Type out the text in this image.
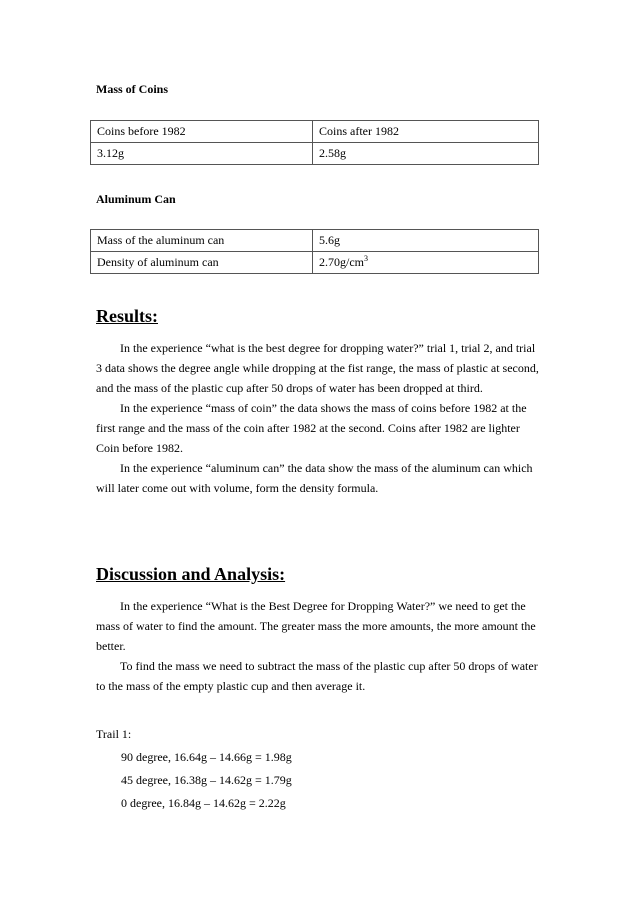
Mass of Coins
Coins before 1982	Coins after 1982
3.12g	2.58g
Aluminum Can
Mass of the aluminum can	5.6g
Density of aluminum can	$2.70g/cm^3$
Results:

In the experience “what is the best degree for dropping water?” trial 1, trial 2, and trial 3 data shows the degree angle while dropping at the fist range, the mass of plastic at second, and the mass of the plastic cup after 50 drops of water has been dropped at third.

In the experience “mass of coin” the data shows the mass of coins before 1982 at the first range and the mass of the coin after 1982 at the second. Coins after 1982 are lighter Coin before 1982.

In the experience “aluminum can” the data show the mass of the aluminum can which will later come out with volume, form the density formula.

Discussion and Analysis:

In the experience “What is the Best Degree for Dropping Water?” we need to get the mass of water to find the amount. The greater mass the more amounts, the more amount the better.

To find the mass we need to subtract the mass of the plastic cup after 50 drops of water to the mass of the empty plastic cup and then average it.

Trail 1:
90 degree, 16.64g – 14.66g = 1.98g
45 degree, 16.38g – 14.62g = 1.79g
0 degree, 16.84g – 14.62g = 2.22g
